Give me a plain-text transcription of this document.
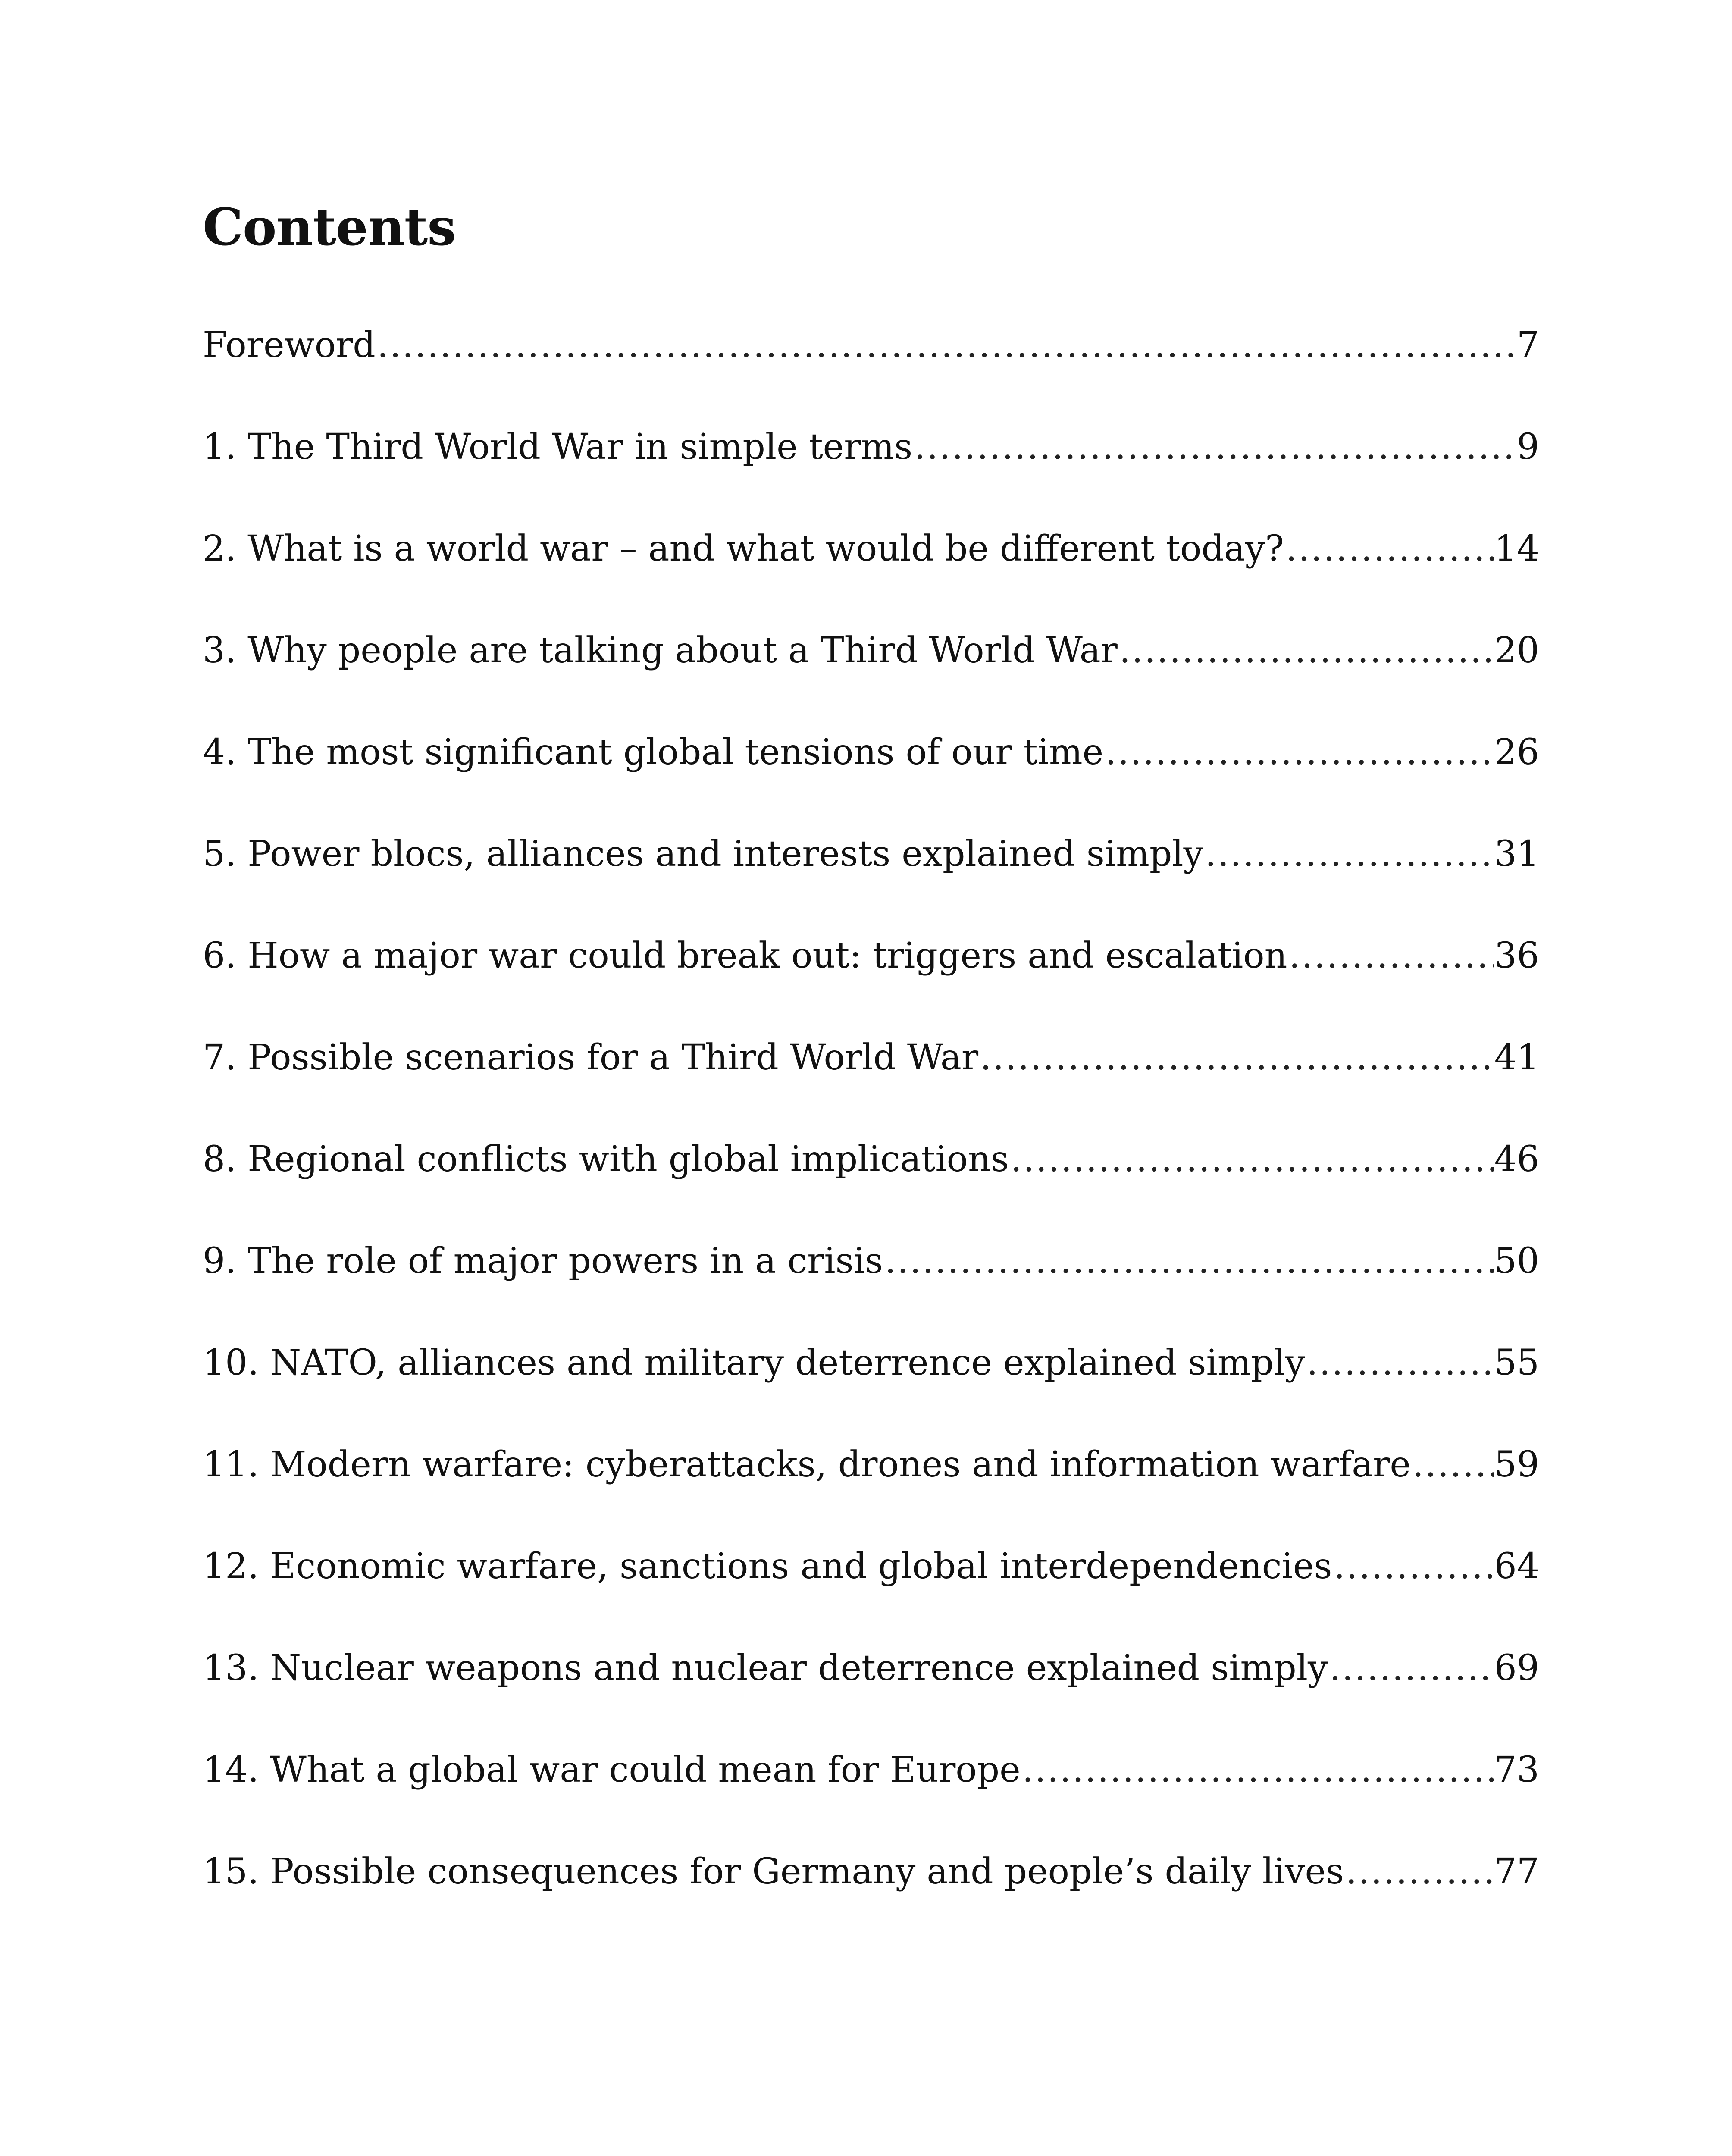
Contents
Foreword .....	7
1. The Third World War in simple terms .....	9
2. What is a world war – and what would be different today? .....	14
3. Why people are talking about a Third World War .....	20
4. The most significant global tensions of our time .....	26
5. Power blocs, alliances and interests explained simply .....	31
6. How a major war could break out: triggers and escalation .....	36
7. Possible scenarios for a Third World War .....	41
8. Regional conflicts with global implications .....	46
9. The role of major powers in a crisis .....	50
10. NATO, alliances and military deterrence explained simply .....	55
11. Modern warfare: cyberattacks, drones and information warfare ..... 59
12. Economic warfare, sanctions and global interdependencies .....	64
13. Nuclear weapons and nuclear deterrence explained simply .....	69
14. What a global war could mean for Europe .....	73
15. Possible consequences for Germany and people’s daily lives .....	77
